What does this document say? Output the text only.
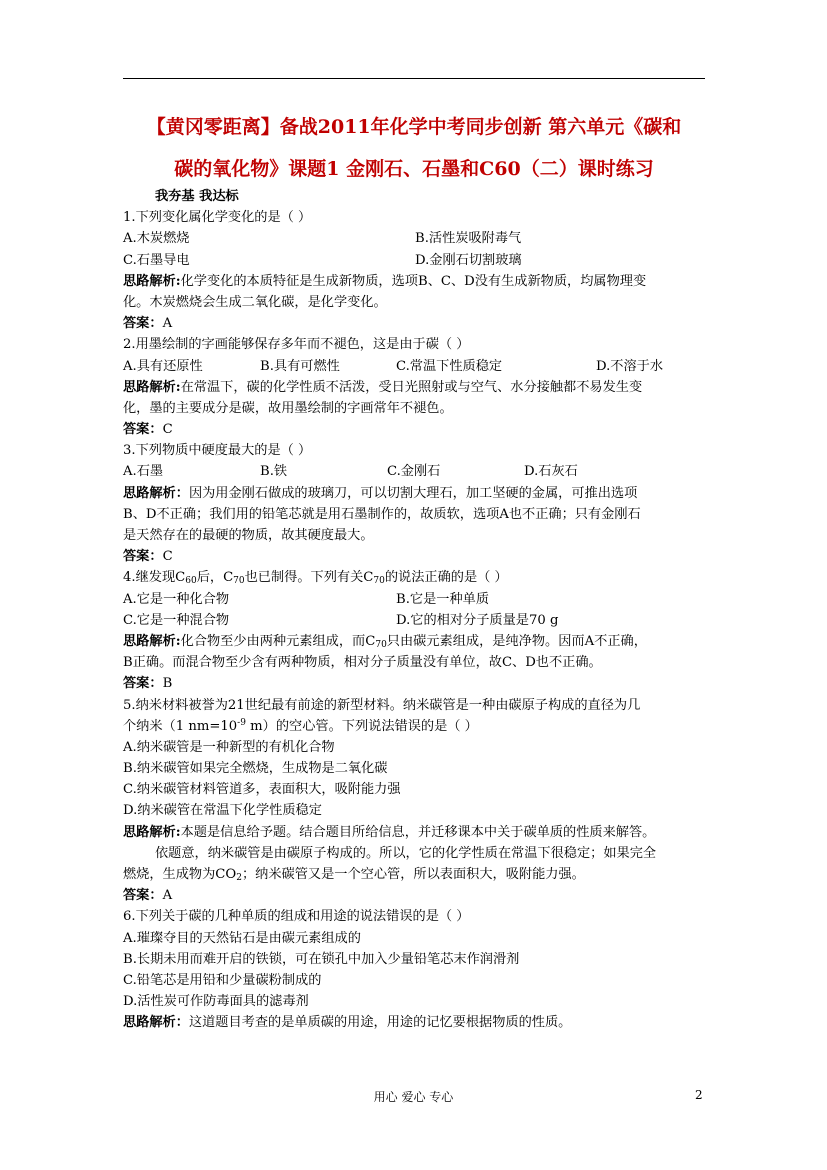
【黄冈零距离】备战2011年化学中考同步创新 第六单元《碳和
碳的氧化物》课题1 金刚石、石墨和C60（二）课时练习
我夯基 我达标
1.下列变化属化学变化的是（ ）
A.木炭燃烧	B.活性炭吸附毒气
C.石墨导电	D.金刚石切割玻璃
思路解析:化学变化的本质特征是生成新物质，选项B、C、D没有生成新物质，均属物理变
化。木炭燃烧会生成二氧化碳，是化学变化。
答案：A
2.用墨绘制的字画能够保存多年而不褪色，这是由于碳（ ）
A.具有还原性	B.具有可燃性	C.常温下性质稳定	D.不溶于水
思路解析:在常温下，碳的化学性质不活泼，受日光照射或与空气、水分接触都不易发生变
化，墨的主要成分是碳，故用墨绘制的字画常年不褪色。
答案：C
3.下列物质中硬度最大的是（ ）
A.石墨	B.铁	C.金刚石	D.石灰石
思路解析：因为用金刚石做成的玻璃刀，可以切割大理石，加工坚硬的金属，可推出选项
B、D不正确；我们用的铅笔芯就是用石墨制作的，故质软，选项A也不正确；只有金刚石
是天然存在的最硬的物质，故其硬度最大。
答案：C
4.继发现$C_{60}$后，$C_{70}$也已制得。下列有关$C_{70}$的说法正确的是（ ）
A.它是一种化合物	B.它是一种单质
C.它是一种混合物	D.它的相对分子质量是70 g
思路解析:化合物至少由两种元素组成，而$C_{70}$只由碳元素组成，是纯净物。因而A不正确，
B正确。而混合物至少含有两种物质，相对分子质量没有单位，故C、D也不正确。
答案：B
5.纳米材料被誉为21世纪最有前途的新型材料。纳米碳管是一种由碳原子构成的直径为几
个纳米（1 $nm=10^{-9}$ m）的空心管。下列说法错误的是（ ）
A.纳米碳管是一种新型的有机化合物
B.纳米碳管如果完全燃烧，生成物是二氧化碳
C.纳米碳管材料管道多，表面积大，吸附能力强
D.纳米碳管在常温下化学性质稳定
思路解析:本题是信息给予题。结合题目所给信息，并迁移课本中关于碳单质的性质来解答。
依题意，纳米碳管是由碳原子构成的。所以，它的化学性质在常温下很稳定；如果完全
燃烧，生成物为$CO_2$；纳米碳管又是一个空心管，所以表面积大，吸附能力强。
答案：A
6.下列关于碳的几种单质的组成和用途的说法错误的是（ ）
A.璀璨夺目的天然钻石是由碳元素组成的
B.长期未用而难开启的铁锁，可在锁孔中加入少量铅笔芯末作润滑剂
C.铅笔芯是用铅和少量碳粉制成的
D.活性炭可作防毒面具的滤毒剂
思路解析：这道题目考查的是单质碳的用途，用途的记忆要根据物质的性质。
用心 爱心 专心	2
